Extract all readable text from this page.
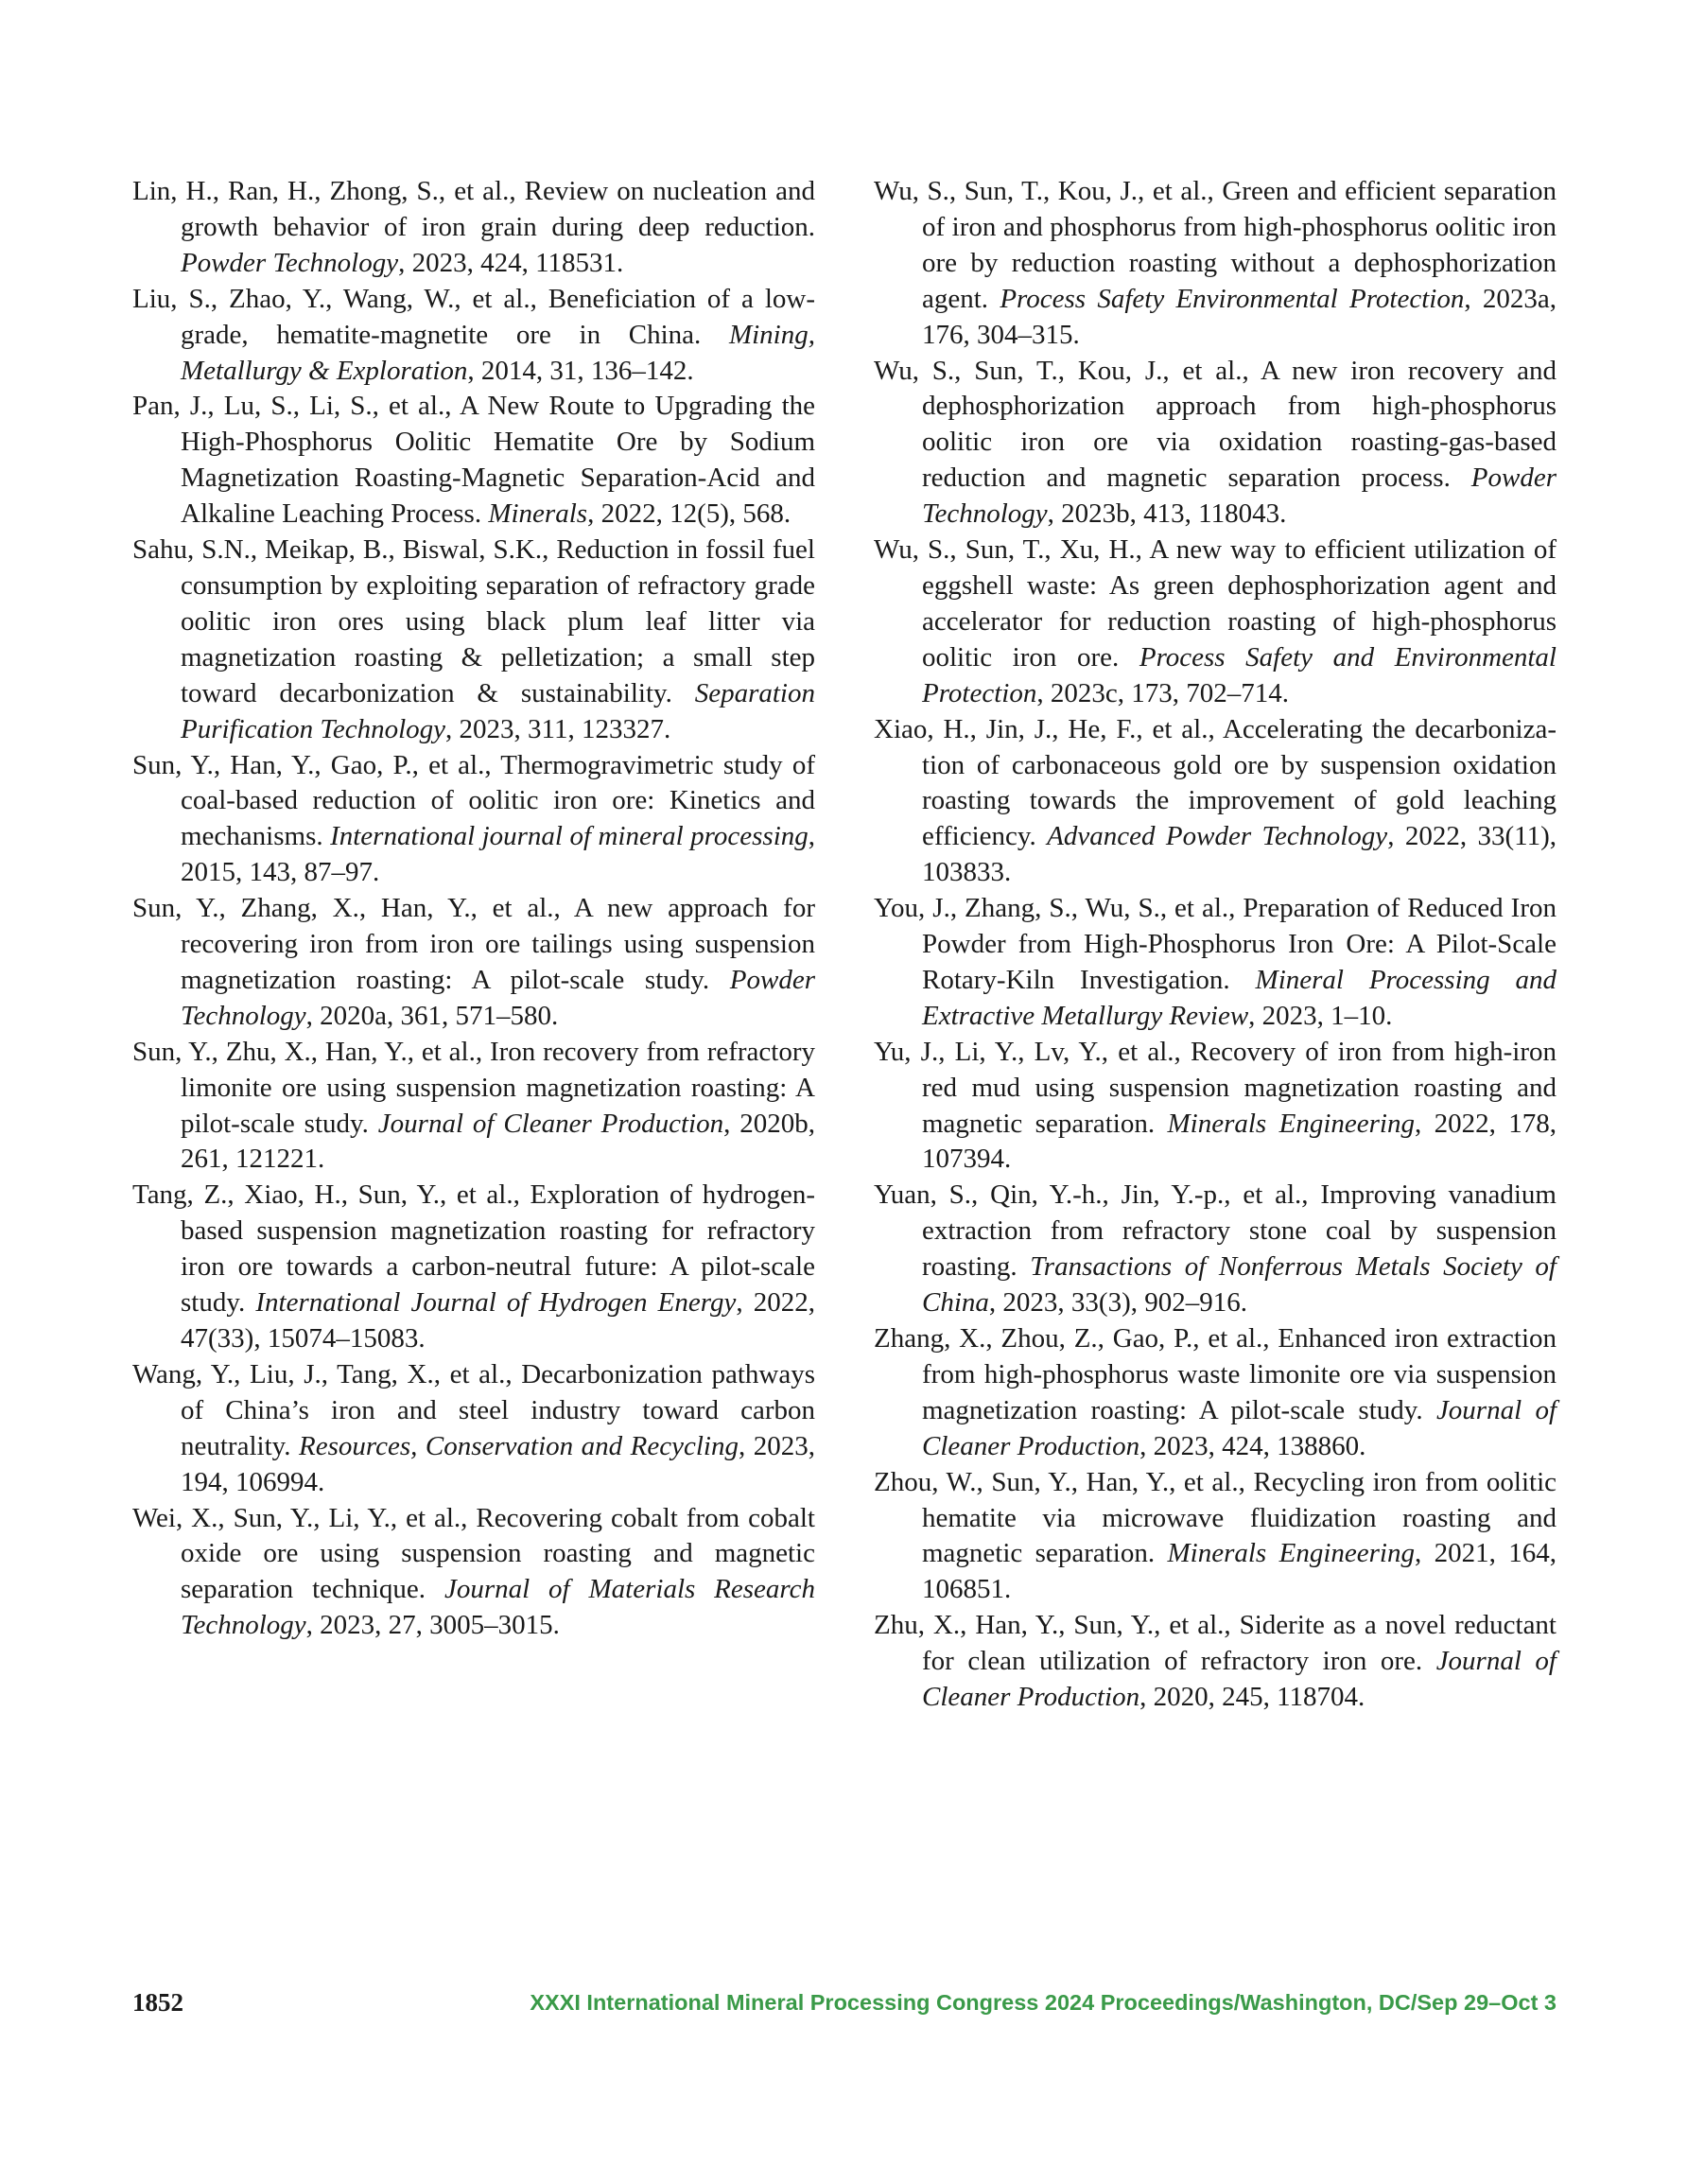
Lin, H., Ran, H., Zhong, S., et al., Review on nucleation and growth behavior of iron grain during deep reduction. Powder Technology, 2023, 424, 118531.

Liu, S., Zhao, Y., Wang, W., et al., Beneficiation of a low-grade, hematite-magnetite ore in China. Mining, Metallurgy & Exploration, 2014, 31, 136–142.

Pan, J., Lu, S., Li, S., et al., A New Route to Upgrading the High-Phosphorus Oolitic Hematite Ore by Sodium Magnetization Roasting-Magnetic Separation-Acid and Alkaline Leaching Process. Minerals, 2022, 12(5), 568.

Sahu, S.N., Meikap, B., Biswal, S.K., Reduction in fossil fuel consumption by exploiting separation of refractory grade oolitic iron ores using black plum leaf litter via magnetization roasting & pelletization; a small step toward decarbonization & sustainability. Separation Purification Technology, 2023, 311, 123327.

Sun, Y., Han, Y., Gao, P., et al., Thermogravimetric study of coal-based reduction of oolitic iron ore: Kinetics and mechanisms. International journal of mineral processing, 2015, 143, 87–97.

Sun, Y., Zhang, X., Han, Y., et al., A new approach for recovering iron from iron ore tailings using suspension magnetization roasting: A pilot-scale study. Powder Technology, 2020a, 361, 571–580.

Sun, Y., Zhu, X., Han, Y., et al., Iron recovery from refractory limonite ore using suspension magnetization roasting: A pilot-scale study. Journal of Cleaner Production, 2020b, 261, 121221.

Tang, Z., Xiao, H., Sun, Y., et al., Exploration of hydrogen-based suspension magnetization roasting for refractory iron ore towards a carbon-neutral future: A pilot-scale study. International Journal of Hydrogen Energy, 2022, 47(33), 15074–15083.

Wang, Y., Liu, J., Tang, X., et al., Decarbonization pathways of China’s iron and steel industry toward carbon neutrality. Resources, Conservation and Recycling, 2023, 194, 106994.

Wei, X., Sun, Y., Li, Y., et al., Recovering cobalt from cobalt oxide ore using suspension roasting and magnetic separation technique. Journal of Materials Research Technology, 2023, 27, 3005–3015.

Wu, S., Sun, T., Kou, J., et al., Green and efficient separation of iron and phosphorus from high-phosphorus oolitic iron ore by reduction roasting without a dephosphorization agent. Process Safety Environmental Protection, 2023a, 176, 304–315.

Wu, S., Sun, T., Kou, J., et al., A new iron recovery and dephosphorization approach from high-phosphorus oolitic iron ore via oxidation roasting-gas-based reduction and magnetic separation process. Powder Technology, 2023b, 413, 118043.

Wu, S., Sun, T., Xu, H., A new way to efficient utilization of eggshell waste: As green dephosphorization agent and accelerator for reduction roasting of high-phosphorus oolitic iron ore. Process Safety and Environmental Protection, 2023c, 173, 702–714.

Xiao, H., Jin, J., He, F., et al., Accelerating the decarbonization of carbonaceous gold ore by suspension oxidation roasting towards the improvement of gold leaching efficiency. Advanced Powder Technology, 2022, 33(11), 103833.

You, J., Zhang, S., Wu, S., et al., Preparation of Reduced Iron Powder from High-Phosphorus Iron Ore: A Pilot-Scale Rotary-Kiln Investigation. Mineral Processing and Extractive Metallurgy Review, 2023, 1–10.

Yu, J., Li, Y., Lv, Y., et al., Recovery of iron from high-iron red mud using suspension magnetization roasting and magnetic separation. Minerals Engineering, 2022, 178, 107394.

Yuan, S., Qin, Y.-h., Jin, Y.-p., et al., Improving vanadium extraction from refractory stone coal by suspension roasting. Transactions of Nonferrous Metals Society of China, 2023, 33(3), 902–916.

Zhang, X., Zhou, Z., Gao, P., et al., Enhanced iron extraction from high-phosphorus waste limonite ore via suspension magnetization roasting: A pilot-scale study. Journal of Cleaner Production, 2023, 424, 138860.

Zhou, W., Sun, Y., Han, Y., et al., Recycling iron from oolitic hematite via microwave fluidization roasting and magnetic separation. Minerals Engineering, 2021, 164, 106851.

Zhu, X., Han, Y., Sun, Y., et al., Siderite as a novel reductant for clean utilization of refractory iron ore. Journal of Cleaner Production, 2020, 245, 118704.

1852	XXXI International Mineral Processing Congress 2024 Proceedings/Washington, DC/Sep 29–Oct 3
